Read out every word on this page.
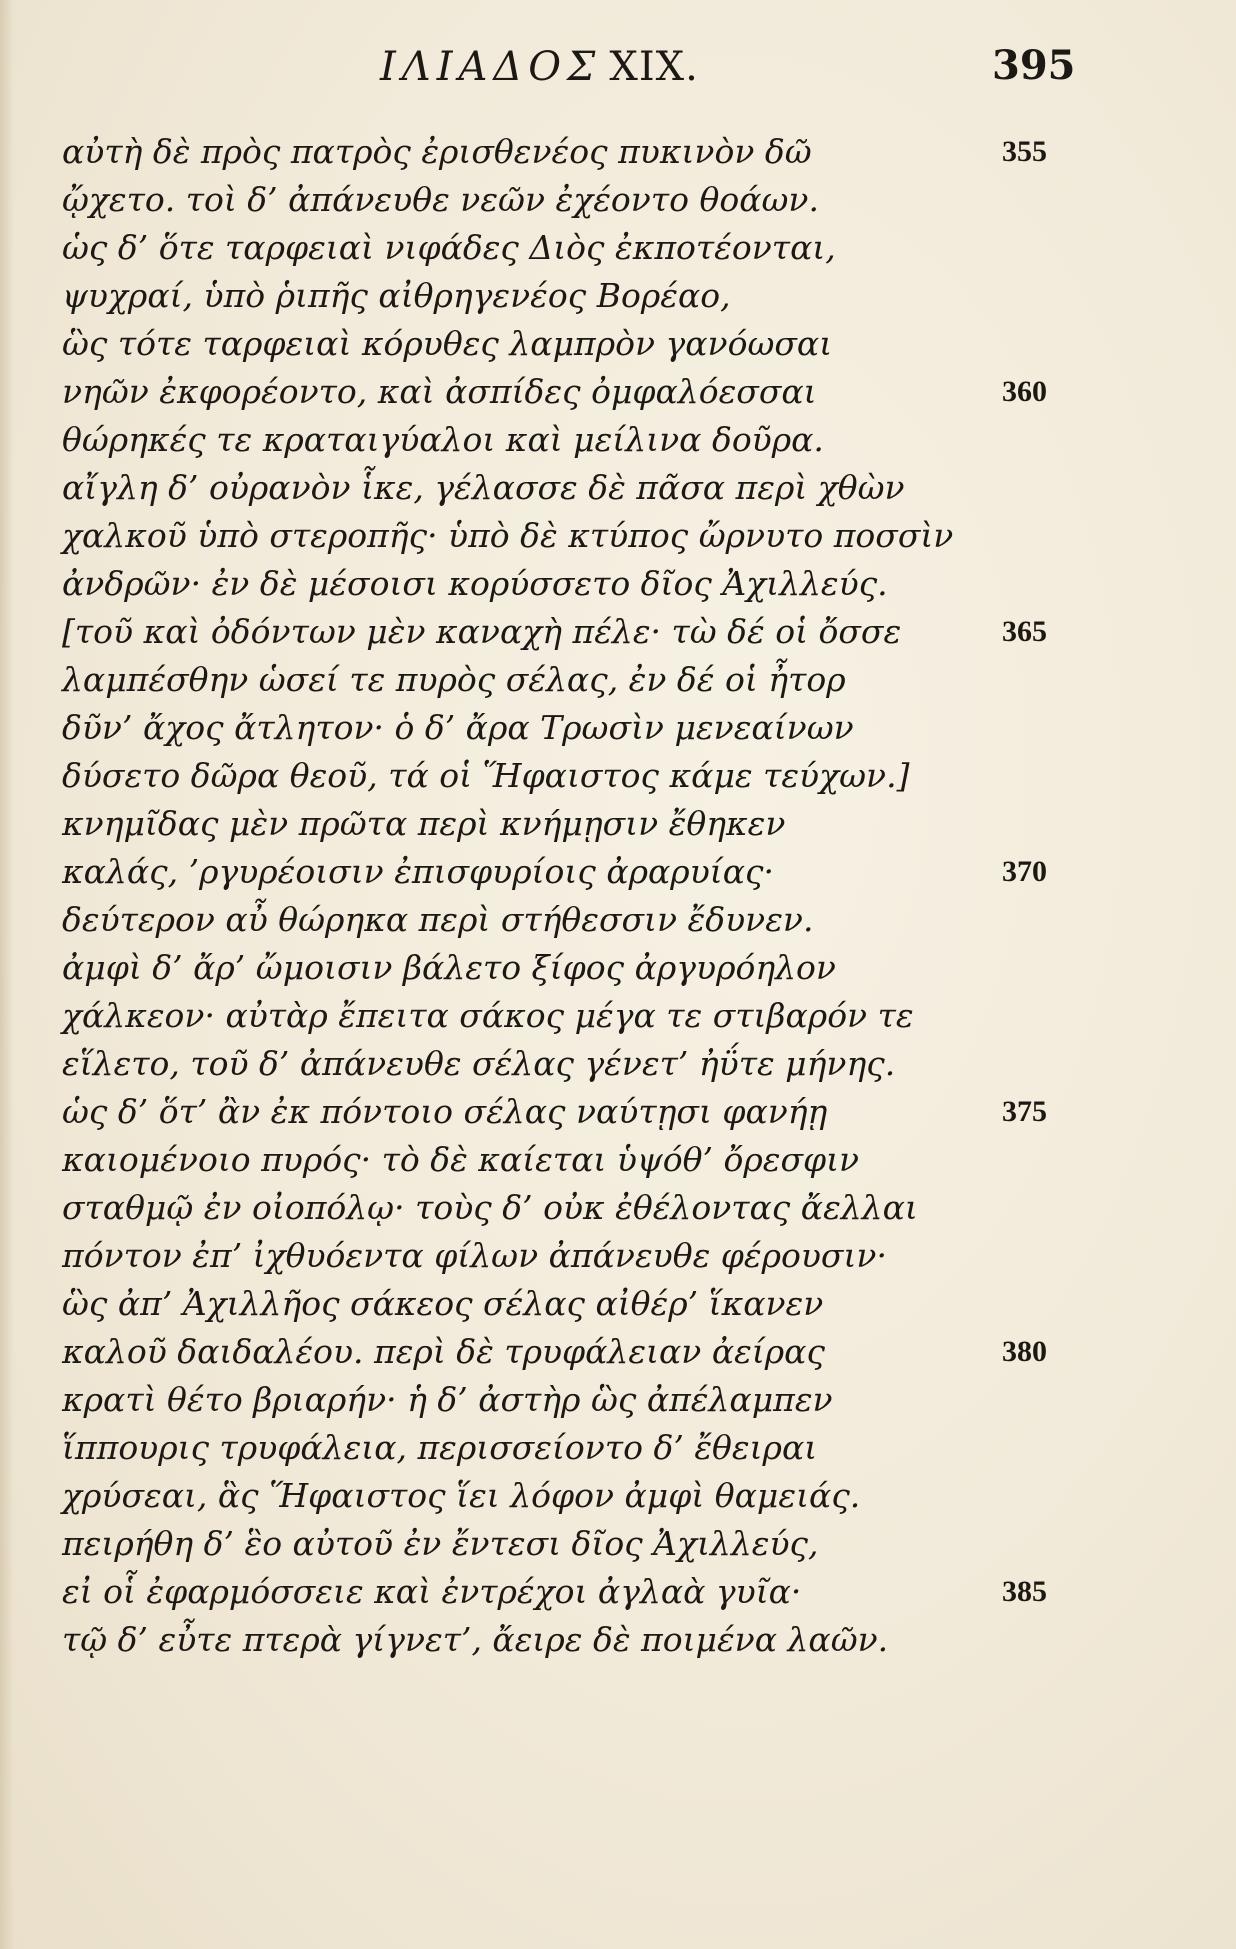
ΙΛΙΑΔΟΣ XIX.	395
αὐτὴ δὲ πρὸς πατρὸς ἐρισθενέος πυκινὸν δῶ	355
ᾤχετο. τοὶ δ’ ἀπάνευθε νεῶν ἐχέοντο θοάων.
ὡς δ’ ὅτε ταρφειαὶ νιφάδες Διὸς ἐκποτέονται,
ψυχραί, ὑπὸ ῥιπῆς αἰθρηγενέος Βορέαο,
ὣς τότε ταρφειαὶ κόρυθες λαμπρὸν γανόωσαι
νηῶν ἐκφορέοντο, καὶ ἀσπίδες ὀμφαλόεσσαι	360
θώρηκές τε κραταιγύαλοι καὶ μείλινα δοῦρα.
αἴγλη δ’ οὐρανὸν ἷκε, γέλασσε δὲ πᾶσα περὶ χθὼν
χαλκοῦ ὑπὸ στεροπῆς· ὑπὸ δὲ κτύπος ὤρνυτο ποσσὶν
ἀνδρῶν· ἐν δὲ μέσοισι κορύσσετο δῖος Ἀχιλλεύς.
[τοῦ καὶ ὀδόντων μὲν καναχὴ πέλε· τὼ δέ οἱ ὄσσε	365
λαμπέσθην ὡσεί τε πυρὸς σέλας, ἐν δέ οἱ ἦτορ
δῦν’ ἄχος ἄτλητον· ὁ δ’ ἄρα Τρωσὶν μενεαίνων
δύσετο δῶρα θεοῦ, τά οἱ Ἥφαιστος κάμε τεύχων.]
κνημῖδας μὲν πρῶτα περὶ κνήμῃσιν ἔθηκεν
καλάς, ’ργυρέοισιν ἐπισφυρίοις ἀραρυίας·	370
δεύτερον αὖ θώρηκα περὶ στήθεσσιν ἔδυνεν.
ἀμφὶ δ’ ἄρ’ ὤμοισιν βάλετο ξίφος ἀργυρόηλον
χάλκεον· αὐτὰρ ἔπειτα σάκος μέγα τε στιβαρόν τε
εἵλετο, τοῦ δ’ ἀπάνευθε σέλας γένετ’ ἠΰτε μήνης.
ὡς δ’ ὅτ’ ἂν ἐκ πόντοιο σέλας ναύτῃσι φανήῃ	375
καιομένοιο πυρός· τὸ δὲ καίεται ὑψόθ’ ὄρεσφιν
σταθμῷ ἐν οἰοπόλῳ· τοὺς δ’ οὐκ ἐθέλοντας ἄελλαι
πόντον ἐπ’ ἰχθυόεντα φίλων ἀπάνευθε φέρουσιν·
ὣς ἀπ’ Ἀχιλλῆος σάκεος σέλας αἰθέρ’ ἵκανεν
καλοῦ δαιδαλέου. περὶ δὲ τρυφάλειαν ἀείρας	380
κρατὶ θέτο βριαρήν· ἡ δ’ ἀστὴρ ὣς ἀπέλαμπεν
ἵππουρις τρυφάλεια, περισσείοντο δ’ ἔθειραι
χρύσεαι, ἃς Ἥφαιστος ἵει λόφον ἀμφὶ θαμειάς.
πειρήθη δ’ ἓο αὐτοῦ ἐν ἔντεσι δῖος Ἀχιλλεύς,
εἰ οἷ ἐφαρμόσσειε καὶ ἐντρέχοι ἀγλαὰ γυῖα·	385
τῷ δ’ εὖτε πτερὰ γίγνετ’, ἄειρε δὲ ποιμένα λαῶν.
